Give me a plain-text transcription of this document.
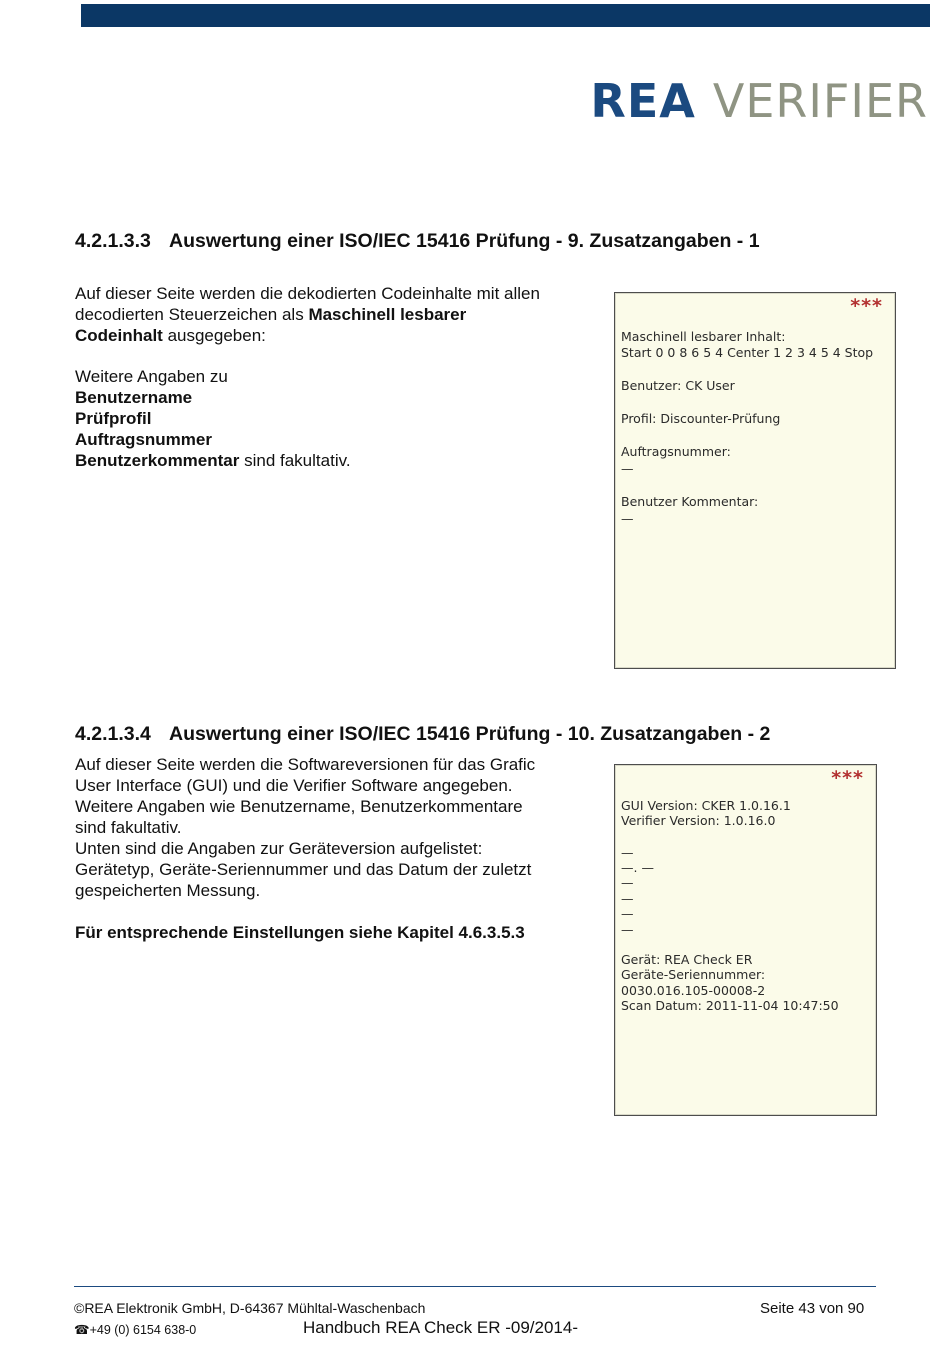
REA VERIFIER
4.2.1.3.3 Auswertung einer ISO/IEC 15416 Prüfung - 9. Zusatzangaben - 1

Auf dieser Seite werden die dekodierten Codeinhalte mit allen

decodierten Steuerzeichen als Maschinell lesbarer

Codeinhalt ausgegeben:

Weitere Angaben zu

Benutzername

Prüfprofil

Auftragsnummer

Benutzerkommentar sind fakultativ.

***
Maschinell lesbarer Inhalt:
Start 0 0 8 6 5 4 Center 1 2 3 4 5 4 Stop
Benutzer: CK User
Profil: Discounter-Prüfung
Auftragsnummer:
—
Benutzer Kommentar:
—
4.2.1.3.4 Auswertung einer ISO/IEC 15416 Prüfung - 10. Zusatzangaben - 2

Auf dieser Seite werden die Softwareversionen für das Grafic

User Interface (GUI) und die Verifier Software angegeben.

Weitere Angaben wie Benutzername, Benutzerkommentare

sind fakultativ.

Unten sind die Angaben zur Geräteversion aufgelistet:

Gerätetyp, Geräte-Seriennummer und das Datum der zuletzt

gespeicherten Messung.

Für entsprechende Einstellungen siehe Kapitel 4.6.3.5.3
***
GUI Version: CKER 1.0.16.1
Verifier Version: 1.0.16.0
—
—. —
—
—
—
—
Gerät: REA Check ER
Geräte-Seriennummer:
0030.016.105-00008-2
Scan Datum: 2011-11-04 10:47:50
©REA Elektronik GmbH, D-64367 Mühltal-Waschenbach
☎+49 (0) 6154 638-0
Seite 43 von 90
Handbuch REA Check ER -09/2014-
